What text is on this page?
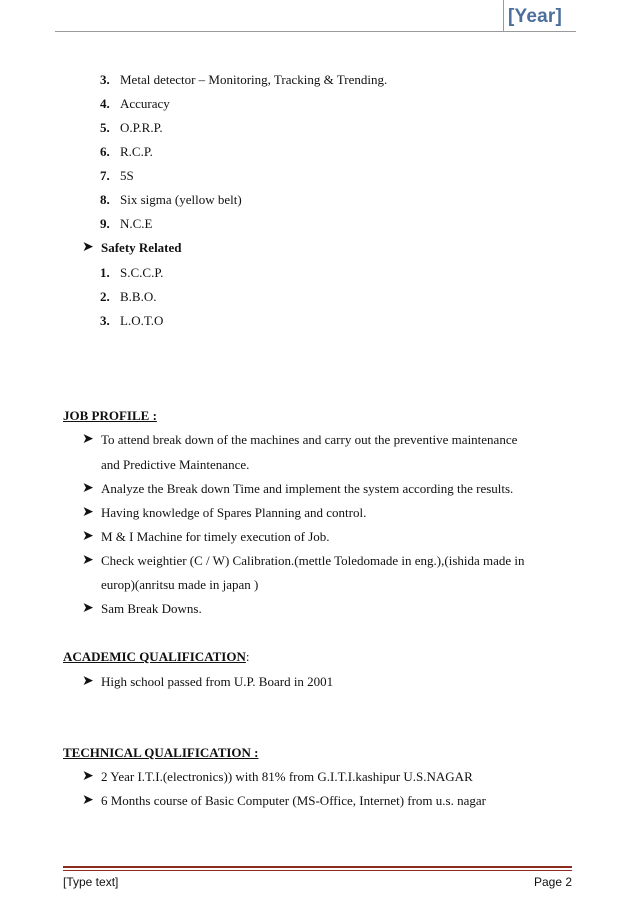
[Year]
3. Metal detector – Monitoring, Tracking & Trending.
4. Accuracy
5. O.P.R.P.
6. R.C.P.
7. 5S
8. Six sigma (yellow belt)
9. N.C.E
➤ Safety Related
1. S.C.C.P.
2. B.B.O.
3. L.O.T.O
JOB PROFILE :
➤ To attend break down of the machines and carry out the preventive maintenance
and Predictive Maintenance.
➤ Analyze the Break down Time and implement the system according the results.
➤ Having knowledge of Spares Planning and control.
➤ M & I Machine for timely execution of Job.
➤ Check weightier (C / W) Calibration.(mettle Toledomade in eng.),(ishida made in
europ)(anritsu made in japan )
➤ Sam Break Downs.
ACADEMIC QUALIFICATION:
➤ High school passed from U.P. Board in 2001
TECHNICAL QUALIFICATION :
➤ 2 Year I.T.I.(electronics)) with 81% from G.I.T.I.kashipur U.S.NAGAR
➤ 6 Months course of Basic Computer (MS-Office, Internet) from u.s. nagar
[Type text]	Page 2
